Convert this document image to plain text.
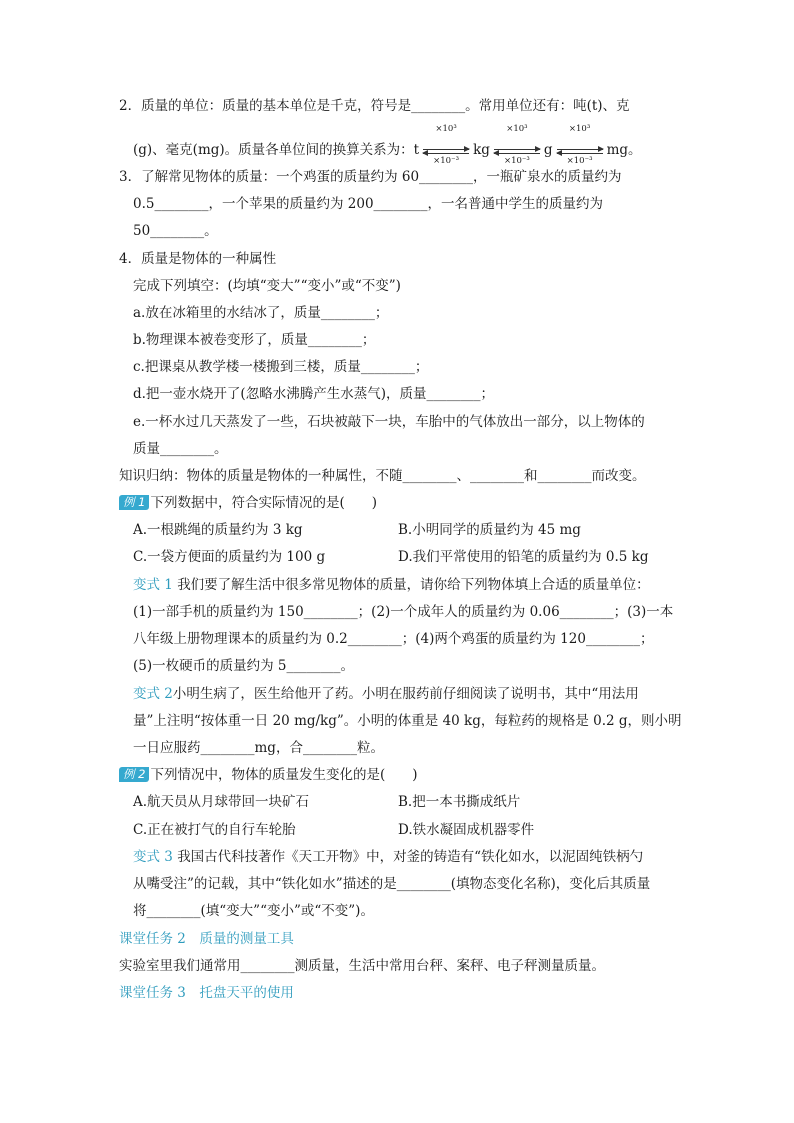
2．质量的单位：质量的基本单位是千克，符号是________。常用单位还有：吨(t)、克
(g)、毫克(mg)。质量各单位间的换算关系为：t $\frac{\text{×10³}}{\text{×10⁻³}}$ kg $\frac{\text{×10³}}{\text{×10⁻³}}$ g $\frac{\text{×10³}}{\text{×10⁻³}}$ mg。
3．了解常见物体的质量：一个鸡蛋的质量约为 60________，一瓶矿泉水的质量约为
0.5________，一个苹果的质量约为 200________，一名普通中学生的质量约为
50________。
4．质量是物体的一种属性
完成下列填空：(均填“变大”“变小”或“不变”)
a.放在冰箱里的水结冰了，质量________；
b.物理课本被卷变形了，质量________；
c.把课桌从教学楼一楼搬到三楼，质量________；
d.把一壶水烧开了(忽略水沸腾产生水蒸气)，质量________；
e.一杯水过几天蒸发了一些，石块被敲下一块，车胎中的气体放出一部分，以上物体的
质量________。
知识归纳：物体的质量是物体的一种属性，不随________、________和________而改变。
例 1 下列数据中，符合实际情况的是(　　)
A.一根跳绳的质量约为 3 kg	B.小明同学的质量约为 45 mg
C.一袋方便面的质量约为 100 g	D.我们平常使用的铅笔的质量约为 0.5 kg
变式 1 我们要了解生活中很多常见物体的质量，请你给下列物体填上合适的质量单位：
(1)一部手机的质量约为 150________；(2)一个成年人的质量约为 0.06________；(3)一本
八年级上册物理课本的质量约为 0.2________；(4)两个鸡蛋的质量约为 120________；
(5)一枚硬币的质量约为 5________。
变式 2小明生病了，医生给他开了药。小明在服药前仔细阅读了说明书，其中“用法用
量”上注明“按体重一日 20 mg/kg”。小明的体重是 40 kg，每粒药的规格是 0.2 g，则小明
一日应服药________mg，合________粒。
例 2 下列情况中，物体的质量发生变化的是(　　)
A.航天员从月球带回一块矿石	B.把一本书撕成纸片
C.正在被打气的自行车轮胎	D.铁水凝固成机器零件
变式 3 我国古代科技著作《天工开物》中，对釜的铸造有“铁化如水，以泥固纯铁柄勺
从嘴受注”的记载，其中“铁化如水”描述的是________(填物态变化名称)，变化后其质量
将________(填“变大”“变小”或“不变”)。
课堂任务 2　质量的测量工具
实验室里我们通常用________测质量，生活中常用台秤、案秤、电子秤测量质量。
课堂任务 3　托盘天平的使用
